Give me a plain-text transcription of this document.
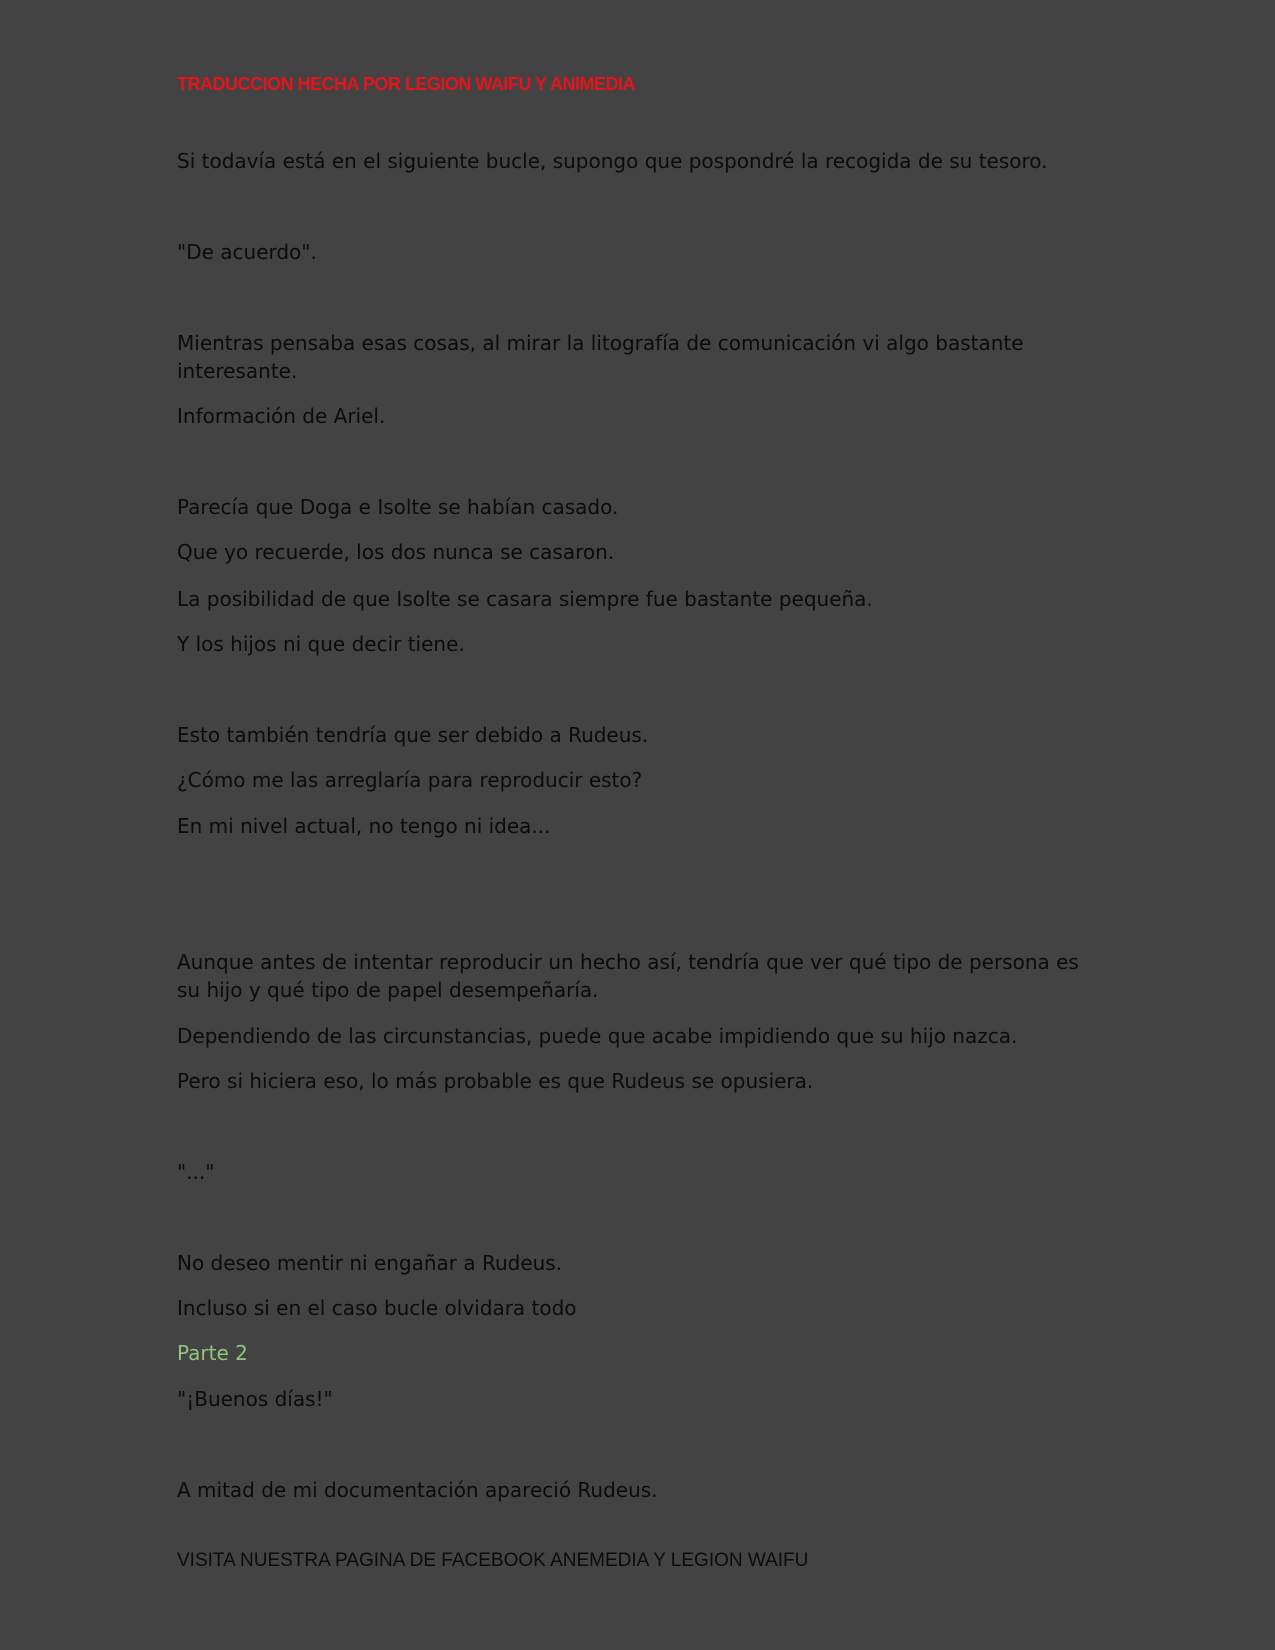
TRADUCCION HECHA POR LEGION WAIFU Y ANIMEDIA

Si todavía está en el siguiente bucle, supongo que pospondré la recogida de su tesoro.

"De acuerdo".

Mientras pensaba esas cosas, al mirar la litografía de comunicación vi algo bastante interesante.

Información de Ariel.

Parecía que Doga e Isolte se habían casado.

Que yo recuerde, los dos nunca se casaron.

La posibilidad de que Isolte se casara siempre fue bastante pequeña.

Y los hijos ni que decir tiene.

Esto también tendría que ser debido a Rudeus.

¿Cómo me las arreglaría para reproducir esto?

En mi nivel actual, no tengo ni idea...

Aunque antes de intentar reproducir un hecho así, tendría que ver qué tipo de persona es su hijo y qué tipo de papel desempeñaría.

Dependiendo de las circunstancias, puede que acabe impidiendo que su hijo nazca.

Pero si hiciera eso, lo más probable es que Rudeus se opusiera.

"..."

No deseo mentir ni engañar a Rudeus.

Incluso si en el caso bucle olvidara todo

Parte 2

"¡Buenos días!"

A mitad de mi documentación apareció Rudeus.

VISITA NUESTRA PAGINA DE FACEBOOK ANEMEDIA Y LEGION WAIFU
